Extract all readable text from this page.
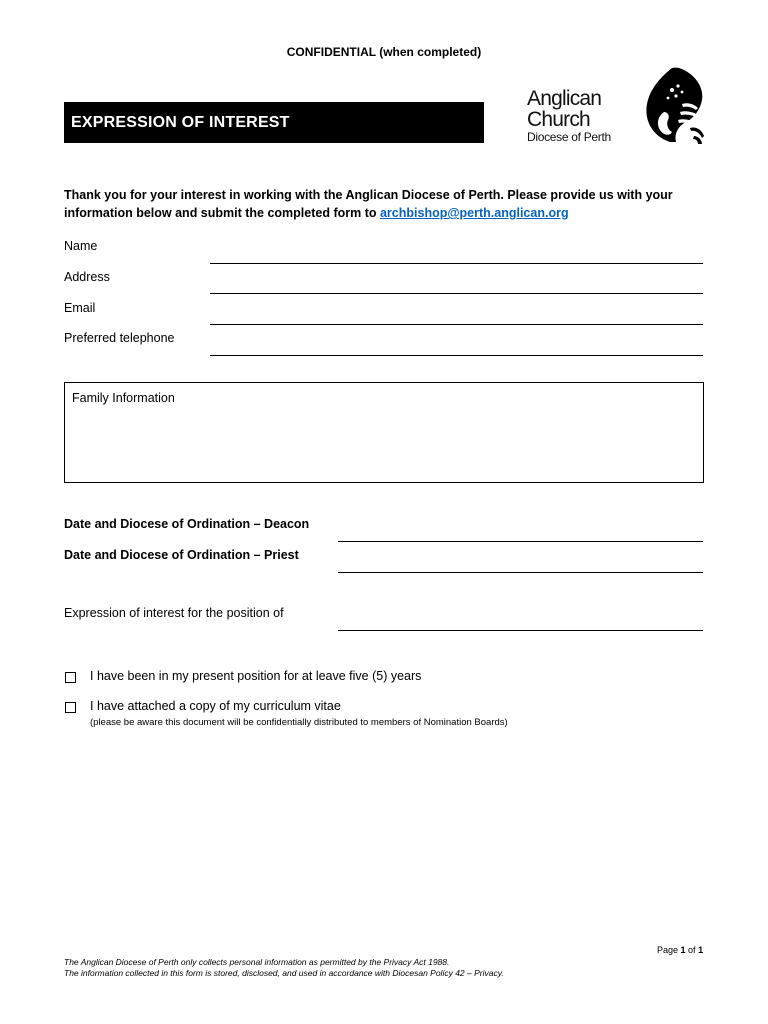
CONFIDENTIAL (when completed)
EXPRESSION OF INTEREST
Anglican
Church
Diocese of Perth
Thank you for your interest in working with the Anglican Diocese of Perth. Please provide us with your information below and submit the completed form to archbishop@perth.anglican.org
Name
Address
Email
Preferred telephone
Family Information
Date and Diocese of Ordination – Deacon
Date and Diocese of Ordination – Priest
Expression of interest for the position of
I have been in my present position for at leave five (5) years
I have attached a copy of my curriculum vitae
(please be aware this document will be confidentially distributed to members of Nomination Boards)
Page 1 of 1
The Anglican Diocese of Perth only collects personal information as permitted by the Privacy Act 1988.
The information collected in this form is stored, disclosed, and used in accordance with Diocesan Policy 42 – Privacy.
